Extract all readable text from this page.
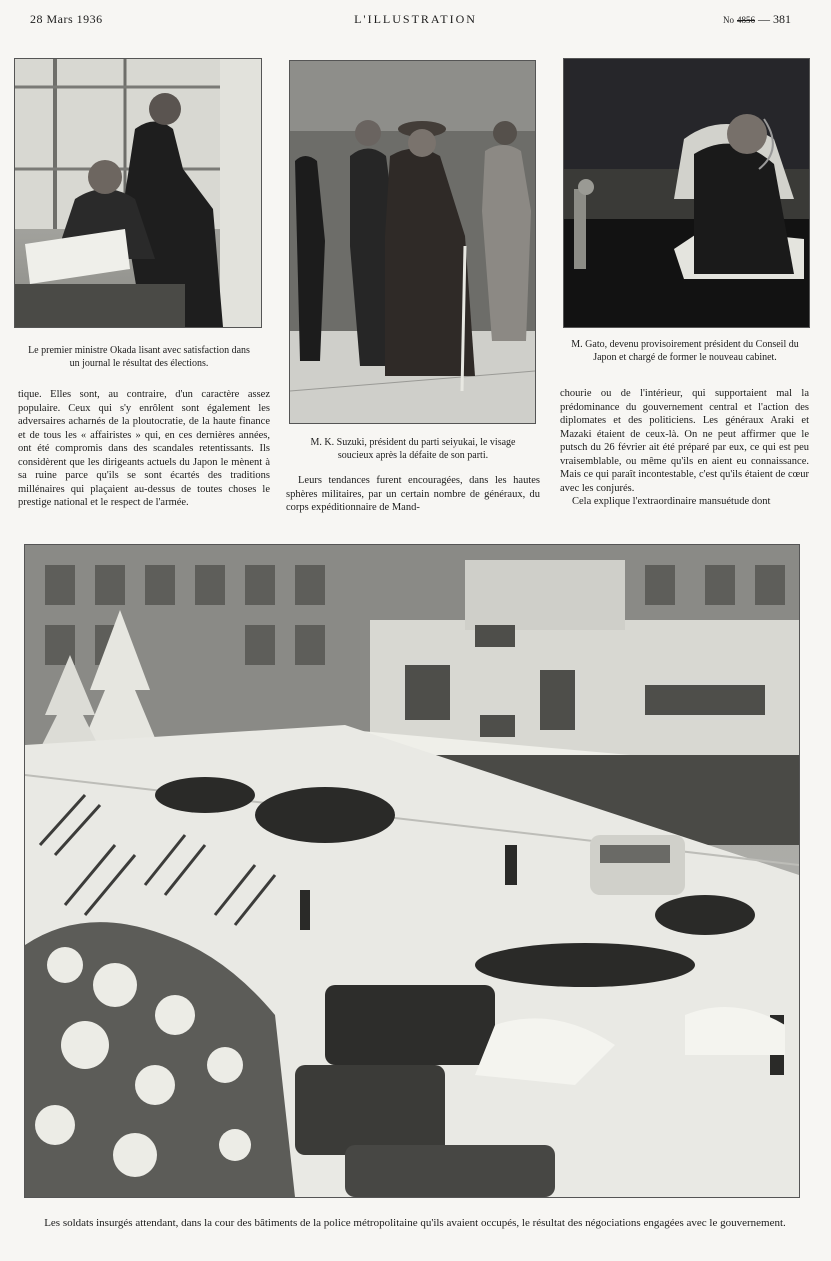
28 Mars 1936	L'ILLUSTRATION	No 4856 — 381
Le premier ministre Okada lisant avec satisfaction dans un journal le résultat des élections.
M. K. Suzuki, président du parti seiyukai, le visage soucieux après la défaite de son parti.
M. Gato, devenu provisoirement président du Conseil du Japon et chargé de former le nouveau cabinet.

tique. Elles sont, au contraire, d'un caractère assez populaire. Ceux qui s'y enrôlent sont également les adversaires acharnés de la ploutocratie, de la haute finance et de tous les « affairistes » qui, en ces dernières années, ont été compromis dans des scandales retentissants. Ils considèrent que les dirigeants actuels du Japon le mènent à sa ruine parce qu'ils se sont écartés des traditions millénaires qui plaçaient au-dessus de toutes choses le prestige national et le respect de l'armée.

Leurs tendances furent encouragées, dans les hautes sphères militaires, par un certain nombre de généraux, du corps expéditionnaire de Mand-

chourie ou de l'intérieur, qui supportaient mal la prédominance du gouvernement central et l'action des diplomates et des politiciens. Les généraux Araki et Mazaki étaient de ceux-là. On ne peut affirmer que le putsch du 26 février ait été préparé par eux, ce qui est peu vraisemblable, ou même qu'ils en aient eu connaissance. Mais ce qui paraît incontestable, c'est qu'ils étaient de cœur avec les conjurés.

Cela explique l'extraordinaire mansuétude dont

Les soldats insurgés attendant, dans la cour des bâtiments de la police métropolitaine qu'ils avaient occupés, le résultat des négociations engagées avec le gouvernement.
